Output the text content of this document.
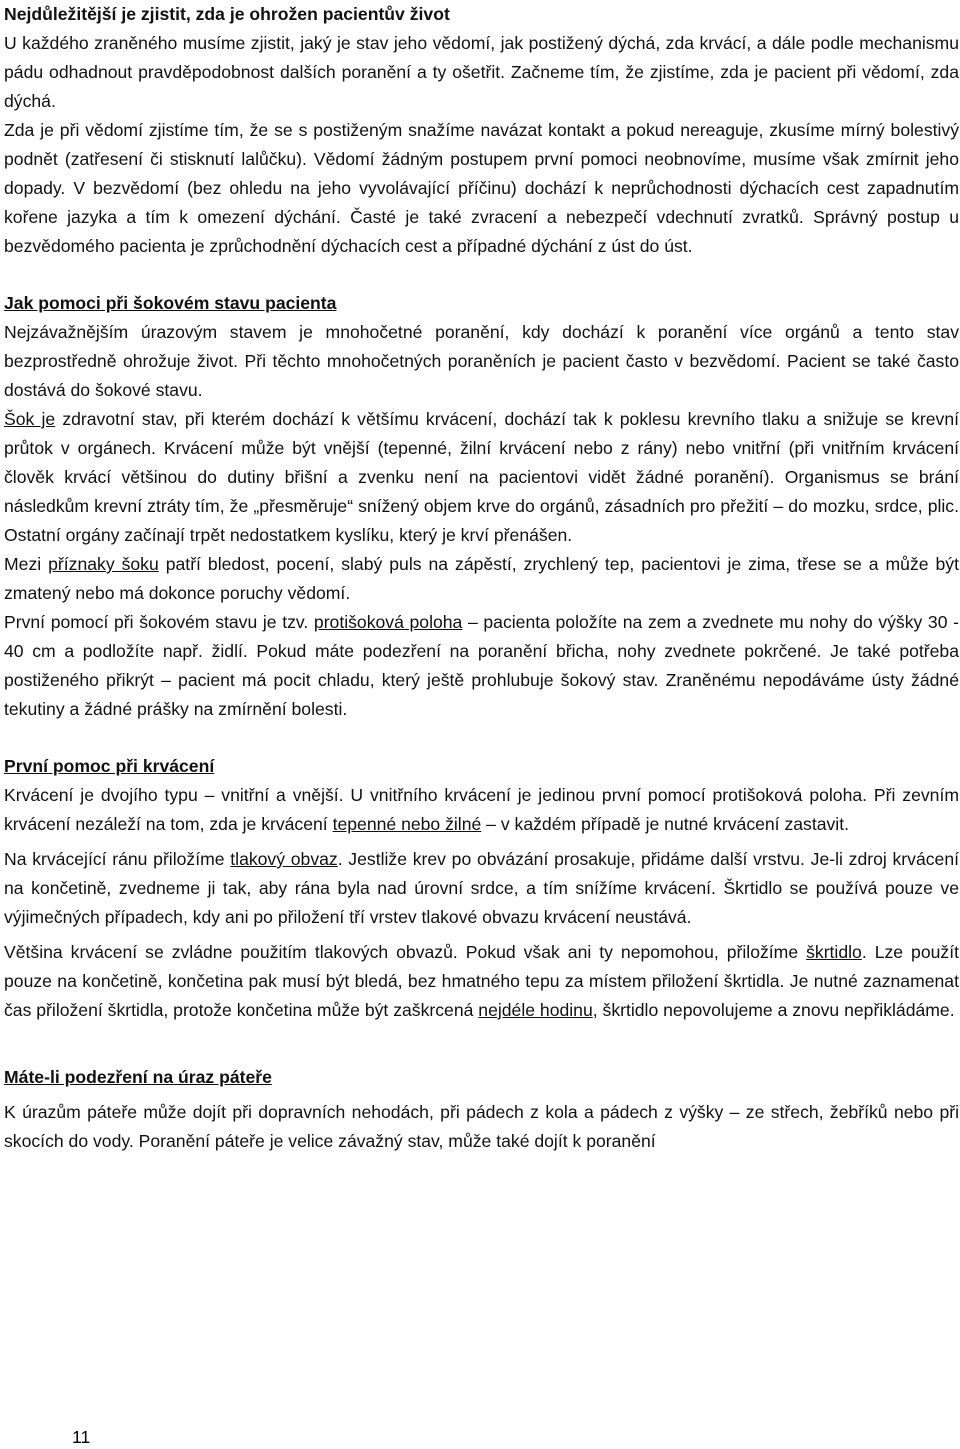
Nejdůležitější je zjistit, zda je ohrožen pacientův život

U každého zraněného musíme zjistit, jaký je stav jeho vědomí, jak postižený dýchá, zda krvácí, a dále podle mechanismu pádu odhadnout pravděpodobnost dalších poranění a ty ošetřit. Začneme tím, že zjistíme, zda je pacient při vědomí, zda dýchá.

Zda je při vědomí zjistíme tím, že se s postiženým snažíme navázat kontakt a pokud nereaguje, zkusíme mírný bolestivý podnět (zatřesení či stisknutí lalůčku). Vědomí žádným postupem první pomoci neobnovíme, musíme však zmírnit jeho dopady. V bezvědomí (bez ohledu na jeho vyvolávající příčinu) dochází k neprůchodnosti dýchacích cest zapadnutím kořene jazyka a tím k omezení dýchání. Časté je také zvracení a nebezpečí vdechnutí zvratků. Správný postup u bezvědomého pacienta je zprůchodnění dýchacích cest a případné dýchání z úst do úst.

Jak pomoci při šokovém stavu pacienta

Nejzávažnějším úrazovým stavem je mnohočetné poranění, kdy dochází k poranění více orgánů a tento stav bezprostředně ohrožuje život. Při těchto mnohočetných poraněních je pacient často v bezvědomí. Pacient se také často dostává do šokové stavu.

Šok je zdravotní stav, při kterém dochází k většímu krvácení, dochází tak k poklesu krevního tlaku a snižuje se krevní průtok v orgánech. Krvácení může být vnější (tepenné, žilní krvácení nebo z rány) nebo vnitřní (při vnitřním krvácení člověk krvácí většinou do dutiny břišní a zvenku není na pacientovi vidět žádné poranění). Organismus se brání následkům krevní ztráty tím, že „přesměruje“ snížený objem krve do orgánů, zásadních pro přežití – do mozku, srdce, plic. Ostatní orgány začínají trpět nedostatkem kyslíku, který je krví přenášen.

Mezi příznaky šoku patří bledost, pocení, slabý puls na zápěstí, zrychlený tep, pacientovi je zima, třese se a může být zmatený nebo má dokonce poruchy vědomí.

První pomocí při šokovém stavu je tzv. protišoková poloha – pacienta položíte na zem a zvednete mu nohy do výšky 30 - 40 cm a podložíte např. židlí. Pokud máte podezření na poranění břicha, nohy zvednete pokrčené. Je také potřeba postiženého přikrýt – pacient má pocit chladu, který ještě prohlubuje šokový stav. Zraněnému nepodáváme ústy žádné tekutiny a žádné prášky na zmírnění bolesti.

První pomoc při krvácení

Krvácení je dvojího typu – vnitřní a vnější. U vnitřního krvácení je jedinou první pomocí protišoková poloha. Při zevním krvácení nezáleží na tom, zda je krvácení tepenné nebo žilné – v každém případě je nutné krvácení zastavit.

Na krvácející ránu přiložíme tlakový obvaz. Jestliže krev po obvázání prosakuje, přidáme další vrstvu. Je-li zdroj krvácení na končetině, zvedneme ji tak, aby rána byla nad úrovní srdce, a tím snížíme krvácení. Škrtidlo se používá pouze ve výjimečných případech, kdy ani po přiložení tří vrstev tlakové obvazu krvácení neustává.

Většina krvácení se zvládne použitím tlakových obvazů. Pokud však ani ty nepomohou, přiložíme škrtidlo. Lze použít pouze na končetině, končetina pak musí být bledá, bez hmatného tepu za místem přiložení škrtidla. Je nutné zaznamenat čas přiložení škrtidla, protože končetina může být zaškrcená nejdéle hodinu, škrtidlo nepovolujeme a znovu nepřikládáme.

Máte-li podezření na úraz páteře

K úrazům páteře může dojít při dopravních nehodách, při pádech z kola a pádech z výšky – ze střech, žebříků nebo při skocích do vody. Poranění páteře je velice závažný stav, může také dojít k poranění

11
